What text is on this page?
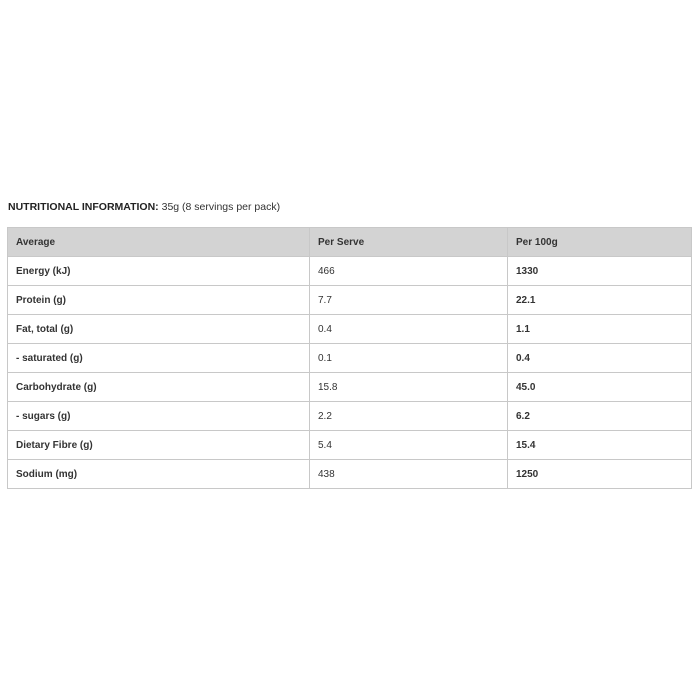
NUTRITIONAL INFORMATION: 35g (8 servings per pack)
Average	Per Serve	Per 100g
Energy (kJ)	466	1330
Protein (g)	7.7	22.1
Fat, total (g)	0.4	1.1
- saturated (g)	0.1	0.4
Carbohydrate (g)	15.8	45.0
- sugars (g)	2.2	6.2
Dietary Fibre (g)	5.4	15.4
Sodium (mg)	438	1250
